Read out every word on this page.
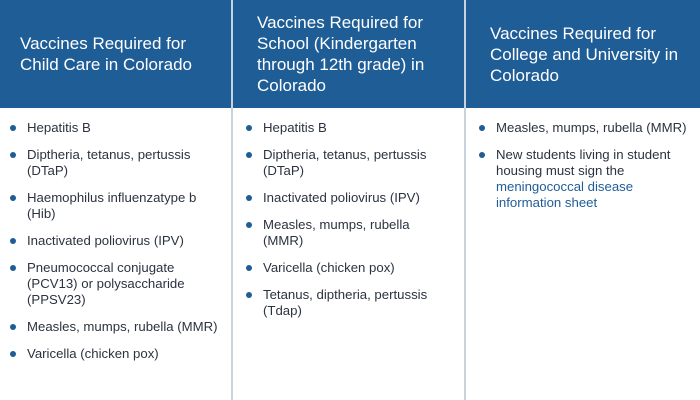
Vaccines Required for Child Care in Colorado
Hepatitis B
Diptheria, tetanus, pertussis (DTaP)
Haemophilus influenzatype b (Hib)
Inactivated poliovirus (IPV)
Pneumococcal conjugate (PCV13) or polysaccharide (PPSV23)
Measles, mumps, rubella (MMR)
Varicella (chicken pox)
Vaccines Required for School (Kindergarten through 12th grade) in Colorado
Hepatitis B
Diptheria, tetanus, pertussis (DTaP)
Inactivated poliovirus (IPV)
Measles, mumps, rubella (MMR)
Varicella (chicken pox)
Tetanus, diptheria, pertussis (Tdap)
Vaccines Required for College and University in Colorado
Measles, mumps, rubella (MMR)
New students living in student housing must sign the meningococcal disease information sheet
